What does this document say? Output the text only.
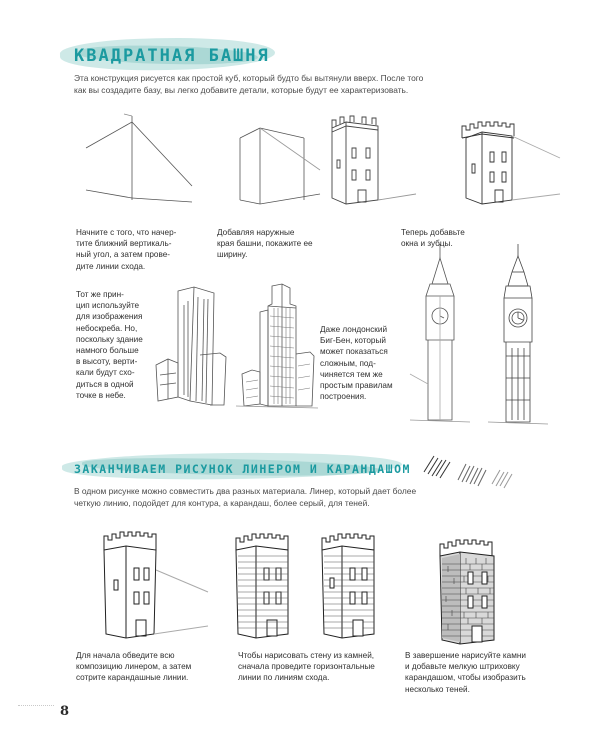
КВАДРАТНАЯ БАШНЯ
Эта конструкция рисуется как простой куб, который будто бы вытянули вверх. После того
как вы создадите базу, вы легко добавите детали, которые будут ее характеризовать.
Начните с того, что начер-
тите ближний вертикаль-
ный угол, а затем прове-
дите линии схода.
Добавляя наружные
края башни, покажите ее
ширину.
Теперь добавьте
окна и зубцы.
Тот же прин-
цип используйте
для изображения
небоскреба. Но,
поскольку здание
намного больше
в высоту, верти-
кали будут схо-
диться в одной
точке в небе.
Даже лондонский
Биг-Бен, который
может показаться
сложным, под-
чиняется тем же
простым правилам
построения.
ЗАКАНЧИВАЕМ РИСУНОК ЛИНЕРОМ И КАРАНДАШОМ
В одном рисунке можно совместить два разных материала. Линер, который дает более
четкую линию, подойдет для контура, а карандаш, более серый, для теней.
Для начала обведите всю
композицию линером, а затем
сотрите карандашные линии.
Чтобы нарисовать стену из камней,
сначала проведите горизонтальные
линии по линиям схода.
В завершение нарисуйте камни
и добавьте мелкую штриховку
карандашом, чтобы изобразить
несколько теней.
8
